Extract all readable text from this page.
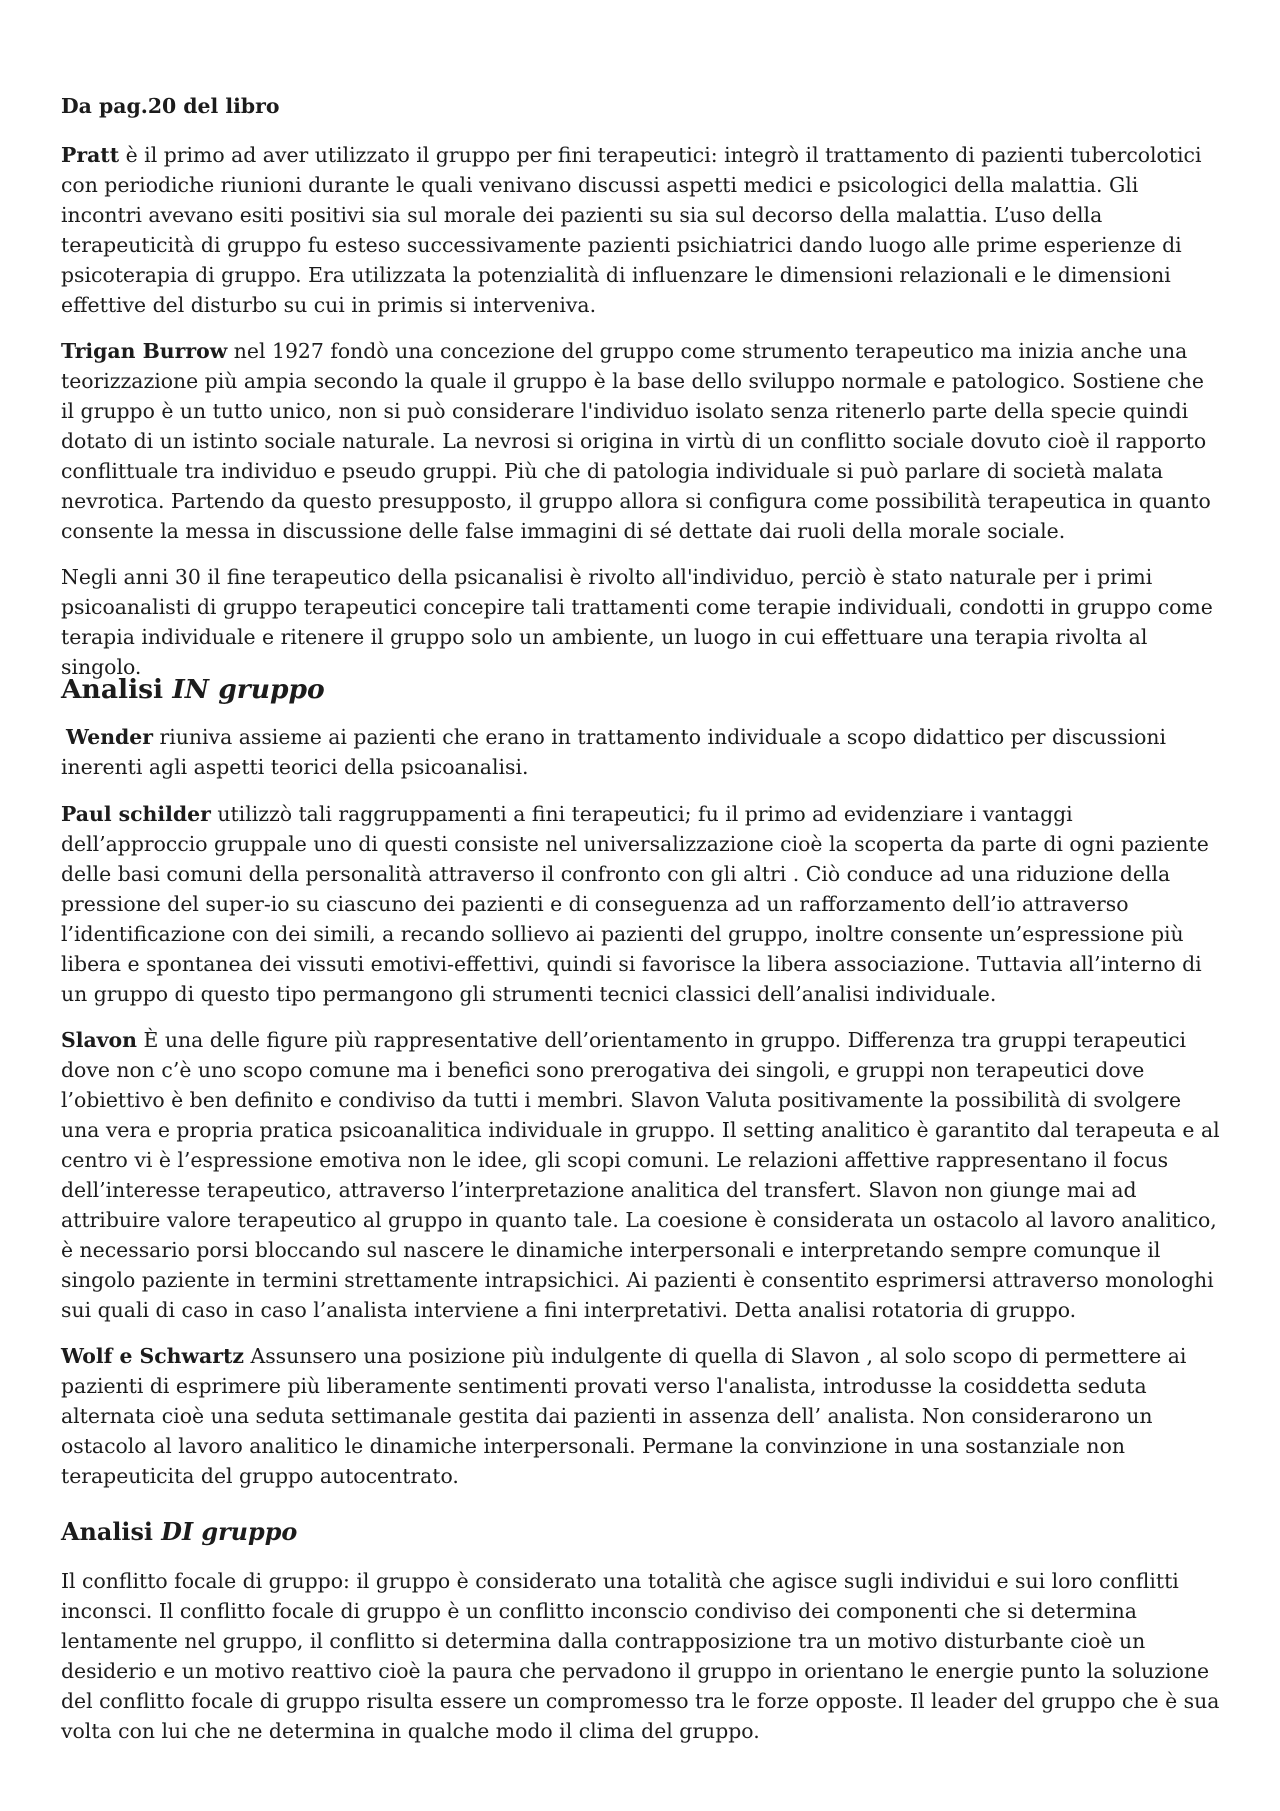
Da pag.20 del libro

Pratt è il primo ad aver utilizzato il gruppo per fini terapeutici: integrò il trattamento di pazienti tubercolotici con periodiche riunioni durante le quali venivano discussi aspetti medici e psicologici della malattia. Gli incontri avevano esiti positivi sia sul morale dei pazienti su sia sul decorso della malattia. L’uso della terapeuticità di gruppo fu esteso successivamente pazienti psichiatrici dando luogo alle prime esperienze di psicoterapia di gruppo. Era utilizzata la potenzialità di influenzare le dimensioni relazionali e le dimensioni effettive del disturbo su cui in primis si interveniva.

Trigan Burrow nel 1927 fondò una concezione del gruppo come strumento terapeutico ma inizia anche una teorizzazione più ampia secondo la quale il gruppo è la base dello sviluppo normale e patologico. Sostiene che il gruppo è un tutto unico, non si può considerare l'individuo isolato senza ritenerlo parte della specie quindi dotato di un istinto sociale naturale. La nevrosi si origina in virtù di un conflitto sociale dovuto cioè il rapporto conflittuale tra individuo e pseudo gruppi. Più che di patologia individuale si può parlare di società malata nevrotica. Partendo da questo presupposto, il gruppo allora si configura come possibilità terapeutica in quanto consente la messa in discussione delle false immagini di sé dettate dai ruoli della morale sociale.

Negli anni 30 il fine terapeutico della psicanalisi è rivolto all'individuo, perciò è stato naturale per i primi psicoanalisti di gruppo terapeutici concepire tali trattamenti come terapie individuali, condotti in gruppo come terapia individuale e ritenere il gruppo solo un ambiente, un luogo in cui effettuare una terapia rivolta al singolo.

Analisi IN gruppo

Wender riuniva assieme ai pazienti che erano in trattamento individuale a scopo didattico per discussioni inerenti agli aspetti teorici della psicoanalisi.

Paul schilder utilizzò tali raggruppamenti a fini terapeutici; fu il primo ad evidenziare i vantaggi dell’approccio gruppale uno di questi consiste nel universalizzazione cioè la scoperta da parte di ogni paziente delle basi comuni della personalità attraverso il confronto con gli altri . Ciò conduce ad una riduzione della pressione del super-io su ciascuno dei pazienti e di conseguenza ad un rafforzamento dell’io attraverso l’identificazione con dei simili, a recando sollievo ai pazienti del gruppo, inoltre consente un’espressione più libera e spontanea dei vissuti emotivi-effettivi, quindi si favorisce la libera associazione. Tuttavia all’interno di un gruppo di questo tipo permangono gli strumenti tecnici classici dell’analisi individuale.

Slavon È una delle figure più rappresentative dell’orientamento in gruppo. Differenza tra gruppi terapeutici dove non c’è uno scopo comune ma i benefici sono prerogativa dei singoli, e gruppi non terapeutici dove l’obiettivo è ben definito e condiviso da tutti i membri. Slavon Valuta positivamente la possibilità di svolgere una vera e propria pratica psicoanalitica individuale in gruppo. Il setting analitico è garantito dal terapeuta e al centro vi è l’espressione emotiva non le idee, gli scopi comuni. Le relazioni affettive rappresentano il focus dell’interesse terapeutico, attraverso l’interpretazione analitica del transfert. Slavon non giunge mai ad attribuire valore terapeutico al gruppo in quanto tale. La coesione è considerata un ostacolo al lavoro analitico, è necessario porsi bloccando sul nascere le dinamiche interpersonali e interpretando sempre comunque il singolo paziente in termini strettamente intrapsichici. Ai pazienti è consentito esprimersi attraverso monologhi sui quali di caso in caso l’analista interviene a fini interpretativi. Detta analisi rotatoria di gruppo.

Wolf e Schwartz Assunsero una posizione più indulgente di quella di Slavon , al solo scopo di permettere ai pazienti di esprimere più liberamente sentimenti provati verso l'analista, introdusse la cosiddetta seduta alternata cioè una seduta settimanale gestita dai pazienti in assenza dell’ analista. Non considerarono un ostacolo al lavoro analitico le dinamiche interpersonali. Permane la convinzione in una sostanziale non terapeuticita del gruppo autocentrato.

Analisi DI gruppo

Il conflitto focale di gruppo: il gruppo è considerato una totalità che agisce sugli individui e sui loro conflitti inconsci. Il conflitto focale di gruppo è un conflitto inconscio condiviso dei componenti che si determina lentamente nel gruppo, il conflitto si determina dalla contrapposizione tra un motivo disturbante cioè un desiderio e un motivo reattivo cioè la paura che pervadono il gruppo in orientano le energie punto la soluzione del conflitto focale di gruppo risulta essere un compromesso tra le forze opposte. Il leader del gruppo che è sua volta con lui che ne determina in qualche modo il clima del gruppo.
